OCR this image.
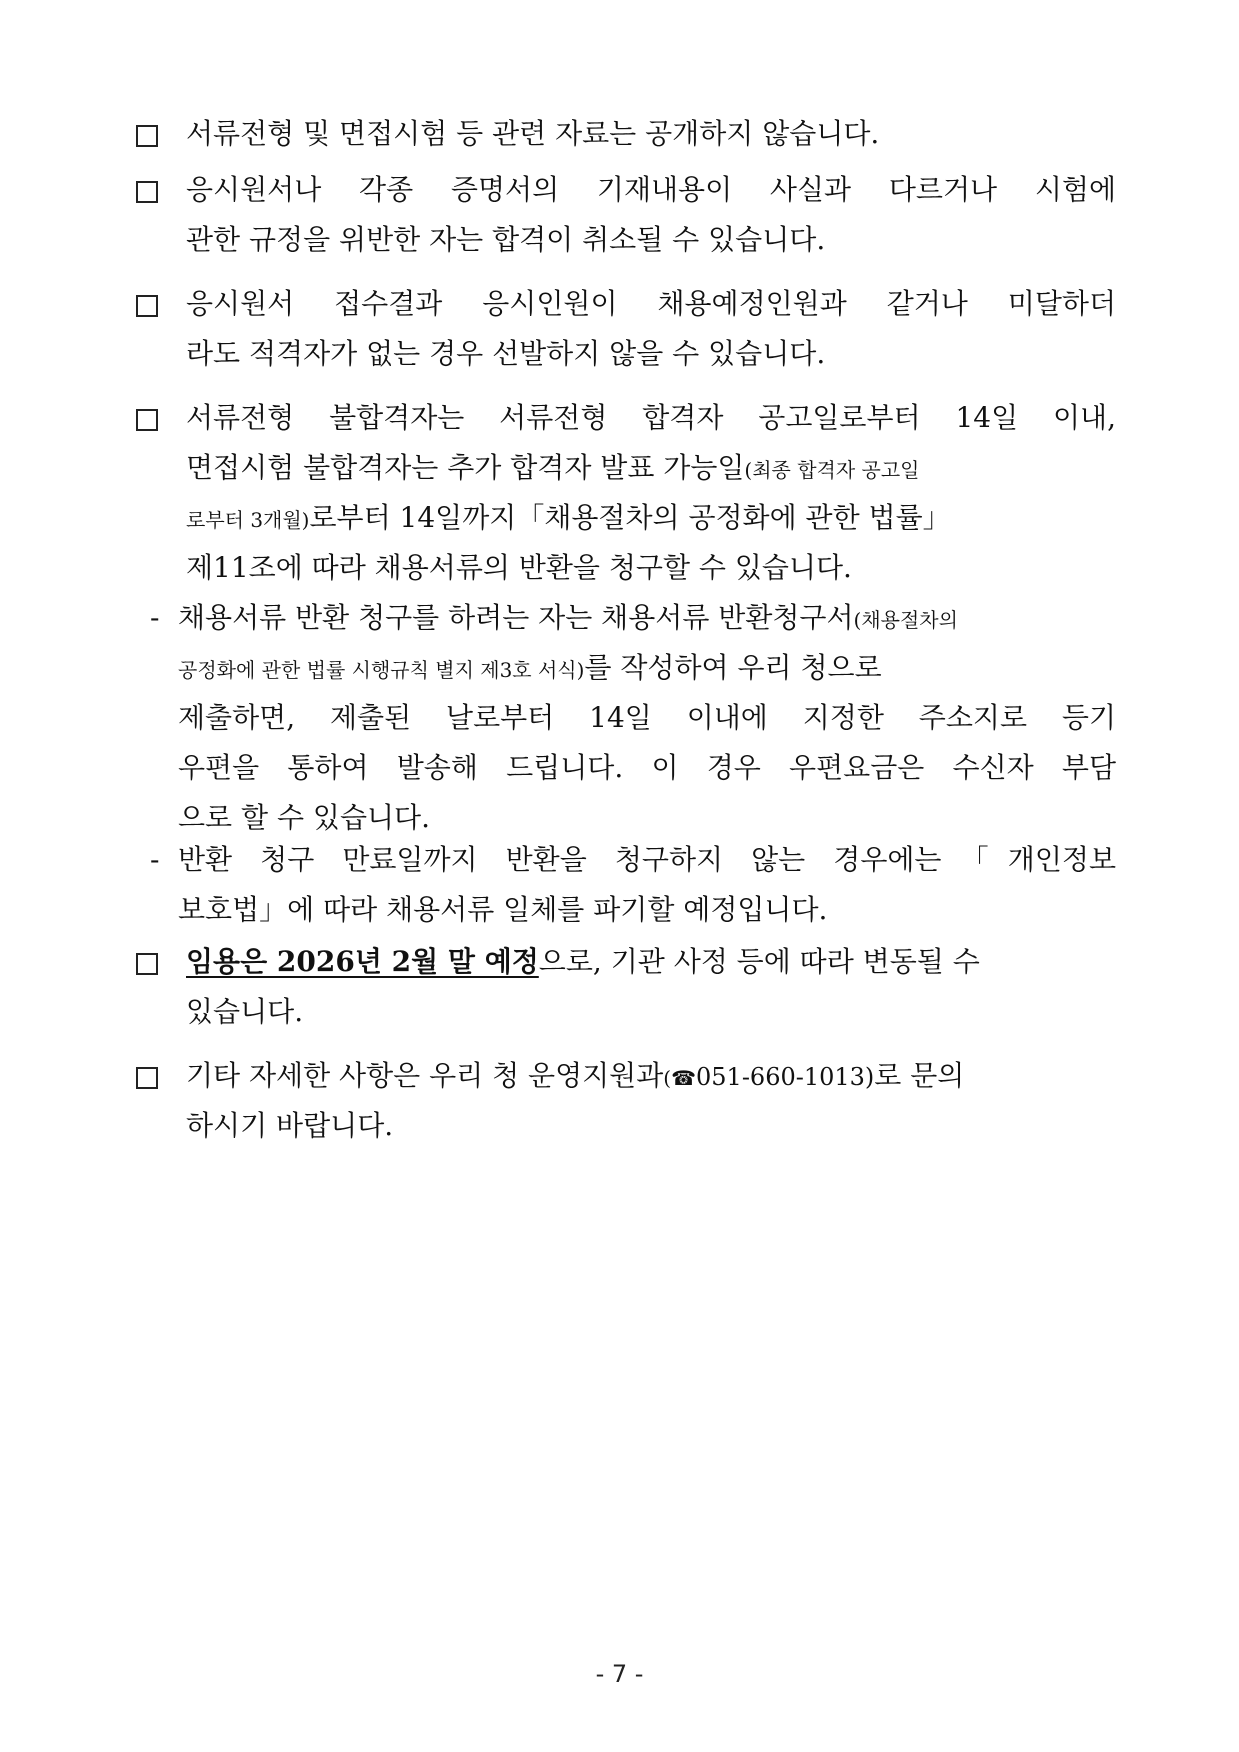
서류전형 및 면접시험 등 관련 자료는 공개하지 않습니다.
응시원서나 각종 증명서의 기재내용이 사실과 다르거나 시험에
관한 규정을 위반한 자는 합격이 취소될 수 있습니다.
응시원서 접수결과 응시인원이 채용예정인원과 같거나 미달하더
라도 적격자가 없는 경우 선발하지 않을 수 있습니다.
서류전형 불합격자는 서류전형 합격자 공고일로부터 14일 이내,
면접시험 불합격자는 추가 합격자 발표 가능일(최종 합격자 공고일
로부터 3개월)로부터 14일까지「채용절차의 공정화에 관한 법률」
제11조에 따라 채용서류의 반환을 청구할 수 있습니다.
- 채용서류 반환 청구를 하려는 자는 채용서류 반환청구서(채용절차의
공정화에 관한 법률 시행규칙 별지 제3호 서식)를 작성하여 우리 청으로
제출하면, 제출된 날로부터 14일 이내에 지정한 주소지로 등기
우편을 통하여 발송해 드립니다. 이 경우 우편요금은 수신자 부담
으로 할 수 있습니다.
- 반환 청구 만료일까지 반환을 청구하지 않는 경우에는「개인정보
보호법」에 따라 채용서류 일체를 파기할 예정입니다.
임용은 2026년 2월 말 예정으로, 기관 사정 등에 따라 변동될 수
있습니다.
기타 자세한 사항은 우리 청 운영지원과(☎051-660-1013)로 문의
하시기 바랍니다.
- 7 -
